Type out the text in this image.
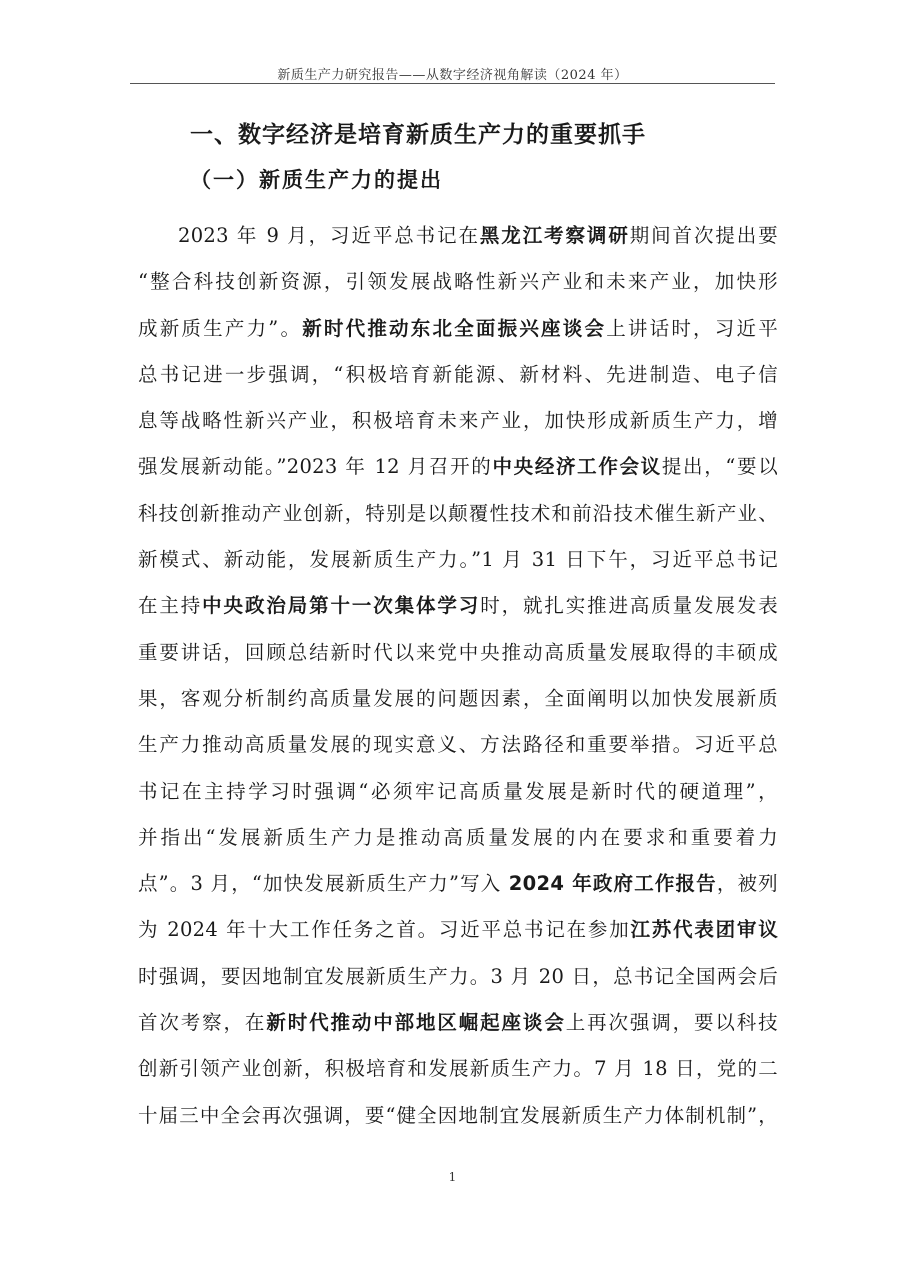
新质生产力研究报告——从数字经济视角解读（2024 年）
一、数字经济是培育新质生产力的重要抓手
（一）新质生产力的提出
2023 年 9 月，习近平总书记在黑龙江考察调研期间首次提出要
“整合科技创新资源，引领发展战略性新兴产业和未来产业，加快形
成新质生产力”。新时代推动东北全面振兴座谈会上讲话时，习近平
总书记进一步强调，“积极培育新能源、新材料、先进制造、电子信
息等战略性新兴产业，积极培育未来产业，加快形成新质生产力，增
强发展新动能。”2023 年 12 月召开的中央经济工作会议提出，“要以
科技创新推动产业创新，特别是以颠覆性技术和前沿技术催生新产业、
新模式、新动能，发展新质生产力。”1 月 31 日下午，习近平总书记
在主持中央政治局第十一次集体学习时，就扎实推进高质量发展发表
重要讲话，回顾总结新时代以来党中央推动高质量发展取得的丰硕成
果，客观分析制约高质量发展的问题因素，全面阐明以加快发展新质
生产力推动高质量发展的现实意义、方法路径和重要举措。习近平总
书记在主持学习时强调“必须牢记高质量发展是新时代的硬道理”，
并指出“发展新质生产力是推动高质量发展的内在要求和重要着力
点”。3 月，“加快发展新质生产力”写入 2024 年政府工作报告，被列
为 2024 年十大工作任务之首。习近平总书记在参加江苏代表团审议
时强调，要因地制宜发展新质生产力。3 月 20 日，总书记全国两会后
首次考察，在新时代推动中部地区崛起座谈会上再次强调，要以科技
创新引领产业创新，积极培育和发展新质生产力。7 月 18 日，党的二
十届三中全会再次强调，要“健全因地制宜发展新质生产力体制机制”，
1
